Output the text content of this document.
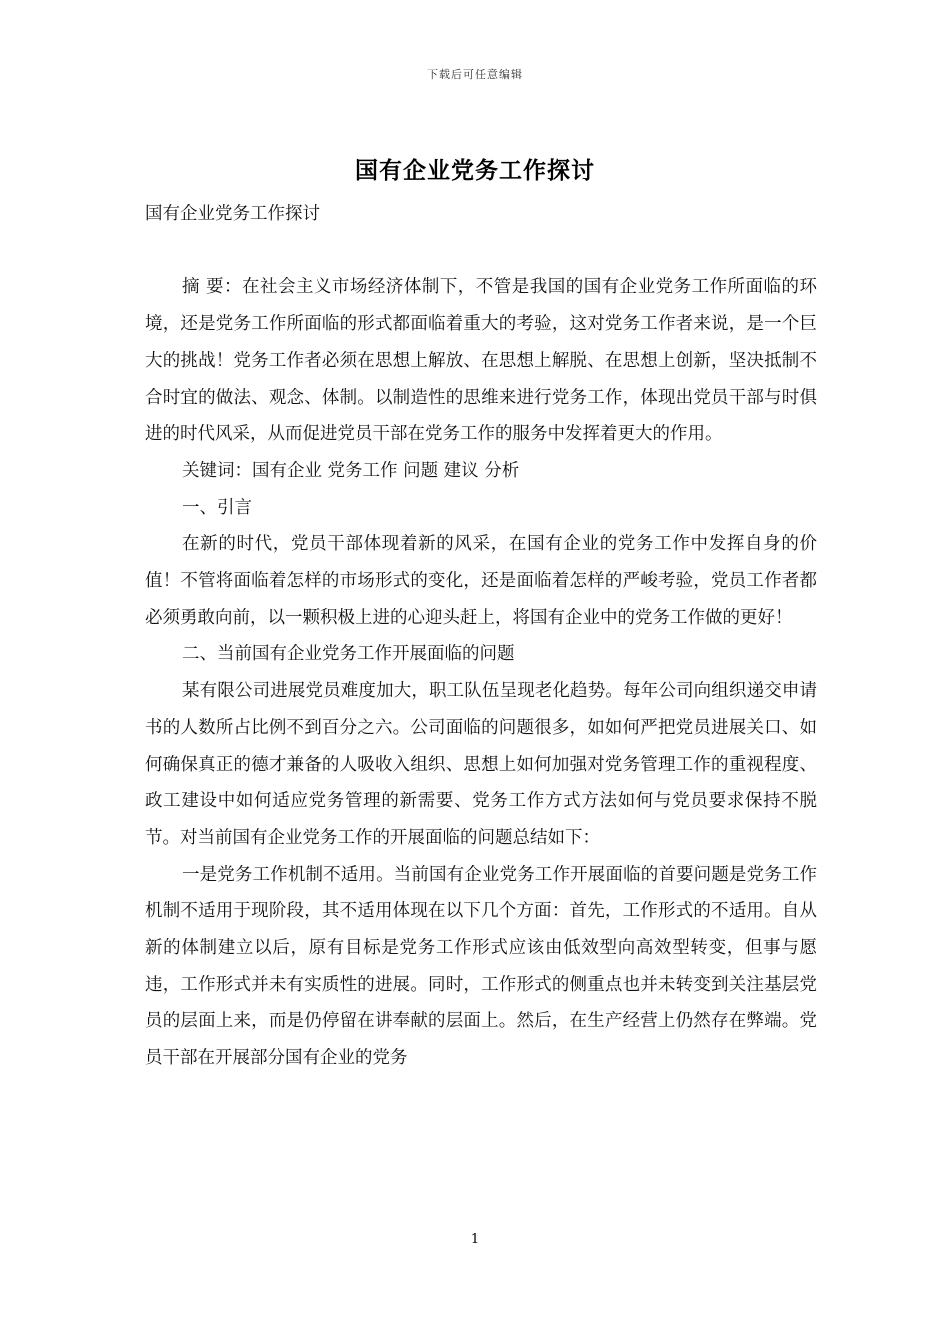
下载后可任意编辑
国有企业党务工作探讨

国有企业党务工作探讨

摘 要：在社会主义市场经济体制下，不管是我国的国有企业党务工作所面临的环境，还是党务工作所面临的形式都面临着重大的考验，这对党务工作者来说，是一个巨大的挑战！党务工作者必须在思想上解放、在思想上解脱、在思想上创新，坚决抵制不合时宜的做法、观念、体制。以制造性的思维来进行党务工作，体现出党员干部与时俱进的时代风采，从而促进党员干部在党务工作的服务中发挥着更大的作用。

关键词：国有企业 党务工作 问题 建议 分析

一、引言

在新的时代，党员干部体现着新的风采，在国有企业的党务工作中发挥自身的价值！不管将面临着怎样的市场形式的变化，还是面临着怎样的严峻考验，党员工作者都必须勇敢向前，以一颗积极上进的心迎头赶上，将国有企业中的党务工作做的更好！

二、当前国有企业党务工作开展面临的问题

某有限公司进展党员难度加大，职工队伍呈现老化趋势。每年公司向组织递交申请书的人数所占比例不到百分之六。公司面临的问题很多，如如何严把党员进展关口、如何确保真正的德才兼备的人吸收入组织、思想上如何加强对党务管理工作的重视程度、政工建设中如何适应党务管理的新需要、党务工作方式方法如何与党员要求保持不脱节。对当前国有企业党务工作的开展面临的问题总结如下：

一是党务工作机制不适用。当前国有企业党务工作开展面临的首要问题是党务工作机制不适用于现阶段，其不适用体现在以下几个方面：首先，工作形式的不适用。自从新的体制建立以后，原有目标是党务工作形式应该由低效型向高效型转变，但事与愿违，工作形式并未有实质性的进展。同时，工作形式的侧重点也并未转变到关注基层党员的层面上来，而是仍停留在讲奉献的层面上。然后，在生产经营上仍然存在弊端。党员干部在开展部分国有企业的党务

1
